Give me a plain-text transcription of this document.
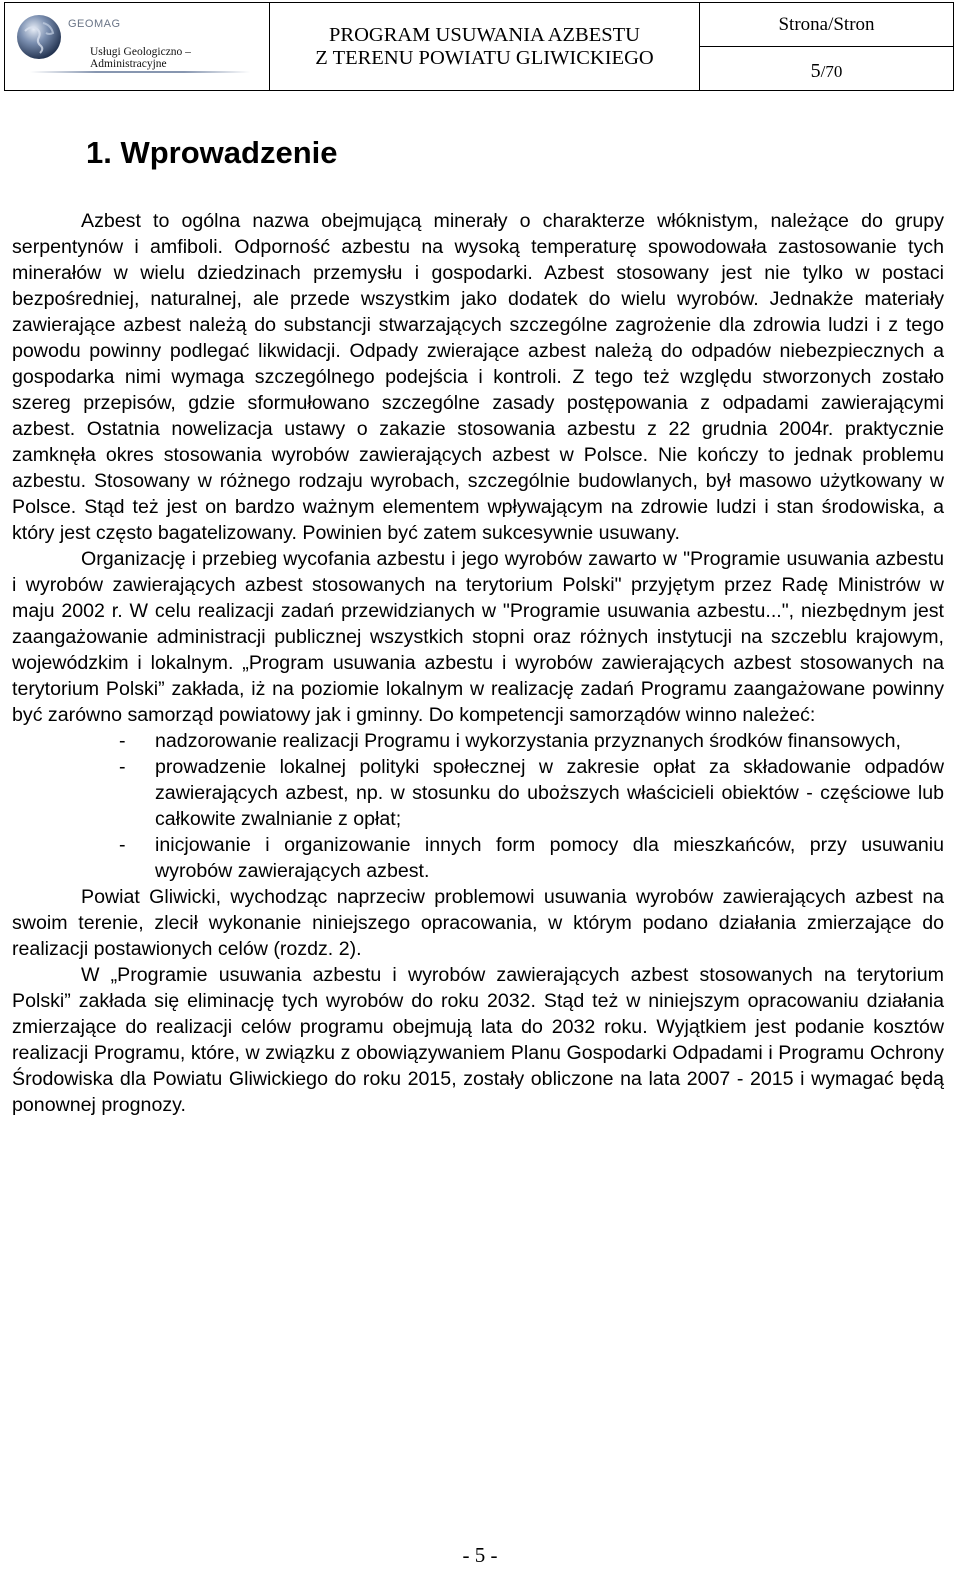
GEOMAG
Usługi Geologiczno – Administracyjne
PROGRAM USUWANIA AZBESTU
Z TERENU POWIATU GLIWICKIEGO
Strona/Stron
5 /70
1. Wprowadzenie

Azbest to ogólna nazwa obejmującą minerały o charakterze włóknistym, należące do grupy serpentynów i amfiboli. Odporność azbestu na wysoką temperaturę spowodowała zastosowanie tych minerałów w wielu dziedzinach przemysłu i gospodarki. Azbest stosowany jest nie tylko w postaci bezpośredniej, naturalnej, ale przede wszystkim jako dodatek do wielu wyrobów. Jednakże materiały zawierające azbest należą do substancji stwarzających szczególne zagrożenie dla zdrowia ludzi i z tego powodu powinny podlegać likwidacji. Odpady zwierające azbest należą do odpadów niebezpiecznych a gospodarka nimi wymaga szczególnego podejścia i kontroli. Z tego też względu stworzonych zostało szereg przepisów, gdzie sformułowano szczególne zasady postępowania z odpadami zawierającymi azbest. Ostatnia nowelizacja ustawy o zakazie stosowania azbestu z 22 grudnia 2004r. praktycznie zamknęła okres stosowania wyrobów zawierających azbest w Polsce. Nie kończy to jednak problemu azbestu. Stosowany w różnego rodzaju wyrobach, szczególnie budowlanych, był masowo użytkowany w Polsce. Stąd też jest on bardzo ważnym elementem wpływającym na zdrowie ludzi i stan środowiska, a który jest często bagatelizowany. Powinien być zatem sukcesywnie usuwany.

Organizację i przebieg wycofania azbestu i jego wyrobów zawarto w "Programie usuwania azbestu i wyrobów zawierających azbest stosowanych na terytorium Polski" przyjętym przez Radę Ministrów w maju 2002 r. W celu realizacji zadań przewidzianych w "Programie usuwania azbestu...", niezbędnym jest zaangażowanie administracji publicznej wszystkich stopni oraz różnych instytucji na szczeblu krajowym, wojewódzkim i lokalnym. „Program usuwania azbestu i wyrobów zawierających azbest stosowanych na terytorium Polski” zakłada, iż na poziomie lokalnym w realizację zadań Programu zaangażowane powinny być zarówno samorząd powiatowy jak i gminny. Do kompetencji samorządów winno należeć:

- nadzorowanie realizacji Programu i wykorzystania przyznanych środków finansowych,
- prowadzenie lokalnej polityki społecznej w zakresie opłat za składowanie odpadów zawierających azbest, np. w stosunku do uboższych właścicieli obiektów - częściowe lub całkowite zwalnianie z opłat;
- inicjowanie i organizowanie innych form pomocy dla mieszkańców, przy usuwaniu wyrobów zawierających azbest.

Powiat Gliwicki, wychodząc naprzeciw problemowi usuwania wyrobów zawierających azbest na swoim terenie, zlecił wykonanie niniejszego opracowania, w którym podano działania zmierzające do realizacji postawionych celów (rozdz. 2).

W „Programie usuwania azbestu i wyrobów zawierających azbest stosowanych na terytorium Polski” zakłada się eliminację tych wyrobów do roku 2032. Stąd też w niniejszym opracowaniu działania zmierzające do realizacji celów programu obejmują lata do 2032 roku. Wyjątkiem jest podanie kosztów realizacji Programu, które, w związku z obowiązywaniem Planu Gospodarki Odpadami i Programu Ochrony Środowiska dla Powiatu Gliwickiego do roku 2015, zostały obliczone na lata 2007 - 2015 i wymagać będą ponownej prognozy.

- 5 -
